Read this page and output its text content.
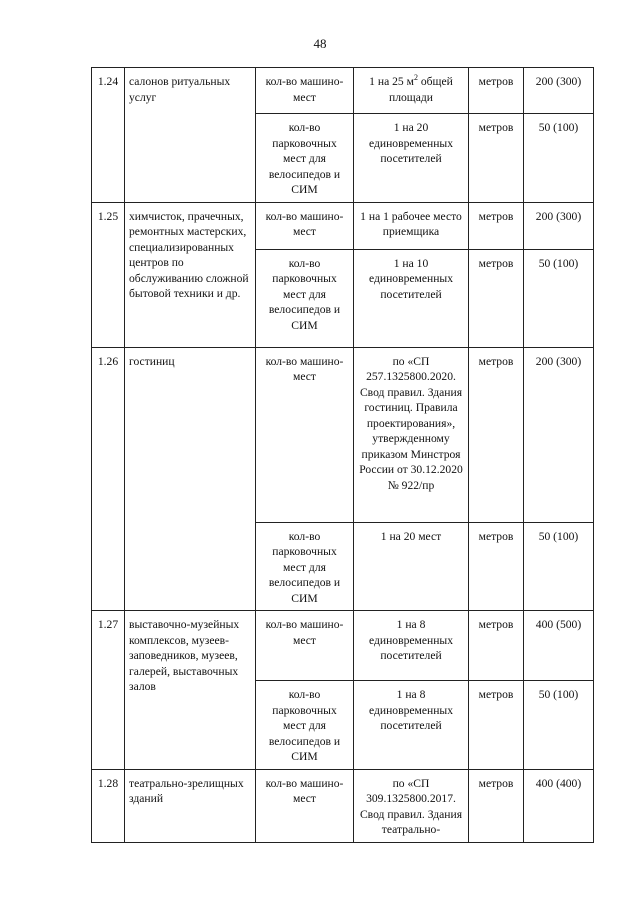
48
1.24	салонов ритуальных услуг	кол-во машино-мест	1 на 25 $м^2$ общей площади	метров	200 (300)
		кол-во парковочных мест для велосипедов и СИМ	1 на 20 единовременных посетителей	метров	50 (100)
1.25	химчисток, прачечных, ремонтных мастерских, специализированных центров по обслуживанию сложной бытовой техники и др.	кол-во машино-мест	1 на 1 рабочее место приемщика	метров	200 (300)
		кол-во парковочных мест для велосипедов и СИМ	1 на 10 единовременных посетителей	метров	50 (100)
1.26	гостиниц	кол-во машино-мест	по «СП 257.1325800.2020. Свод правил. Здания гостиниц. Правила проектирования», утвержденному приказом Минстроя России от 30.12.2020 № 922/пр	метров	200 (300)
		кол-во парковочных мест для велосипедов и СИМ	1 на 20 мест	метров	50 (100)
1.27	выставочно-музейных комплексов, музеев-заповедников, музеев, галерей, выставочных залов	кол-во машино-мест	1 на 8 единовременных посетителей	метров	400 (500)
		кол-во парковочных мест для велосипедов и СИМ	1 на 8 единовременных посетителей	метров	50 (100)
1.28	театрально-зрелищных зданий	кол-во машино-мест	по «СП 309.1325800.2017. Свод правил. Здания театрально-	метров	400 (400)
